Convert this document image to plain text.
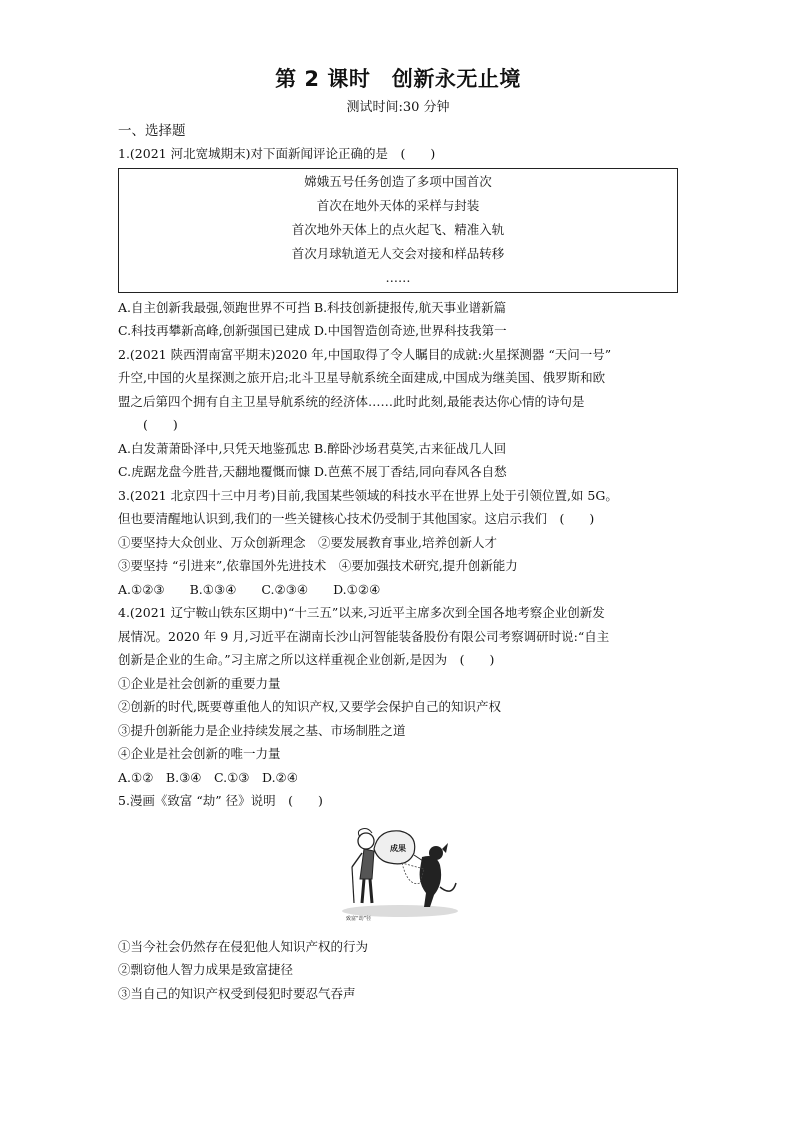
第 2 课时　创新永无止境
测试时间:30 分钟
一、选择题
1.(2021 河北宽城期末)对下面新闻评论正确的是　(　　)
嫦娥五号任务创造了多项中国首次
首次在地外天体的采样与封装
首次地外天体上的点火起飞、精准入轨
首次月球轨道无人交会对接和样品转移
……
A.自主创新我最强,领跑世界不可挡 B.科技创新捷报传,航天事业谱新篇
C.科技再攀新高峰,创新强国已建成 D.中国智造创奇迹,世界科技我第一
2.(2021 陕西渭南富平期末)2020 年,中国取得了令人瞩目的成就:火星探测器 “天问一号”
升空,中国的火星探测之旅开启;北斗卫星导航系统全面建成,中国成为继美国、俄罗斯和欧
盟之后第四个拥有自主卫星导航系统的经济体……此时此刻,最能表达你心情的诗句是
　　(　　)
A.白发萧萧卧泽中,只凭天地鉴孤忠 B.醉卧沙场君莫笑,古来征战几人回
C.虎踞龙盘今胜昔,天翻地覆慨而慷 D.芭蕉不展丁香结,同向春风各自愁
3.(2021 北京四十三中月考)目前,我国某些领域的科技水平在世界上处于引领位置,如 5G。
但也要清醒地认识到,我们的一些关键核心技术仍受制于其他国家。这启示我们　(　　)
①要坚持大众创业、万众创新理念　②要发展教育事业,培养创新人才
③要坚持 “引进来”,依靠国外先进技术　④要加强技术研究,提升创新能力
A.①②③　　B.①③④　　C.②③④　　D.①②④
4.(2021 辽宁鞍山铁东区期中)“十三五”以来,习近平主席多次到全国各地考察企业创新发
展情况。2020 年 9 月,习近平在湖南长沙山河智能装备股份有限公司考察调研时说:“自主
创新是企业的生命。”习主席之所以这样重视企业创新,是因为　(　　)
①企业是社会创新的重要力量
②创新的时代,既要尊重他人的知识产权,又要学会保护自己的知识产权
③提升创新能力是企业持续发展之基、市场制胜之道
④企业是社会创新的唯一力量
A.①②　B.③④　C.①③　D.②④
5.漫画《致富 “劫” 径》说明　(　　)
成果
致富“劫”径
①当今社会仍然存在侵犯他人知识产权的行为
②剽窃他人智力成果是致富捷径
③当自己的知识产权受到侵犯时要忍气吞声
